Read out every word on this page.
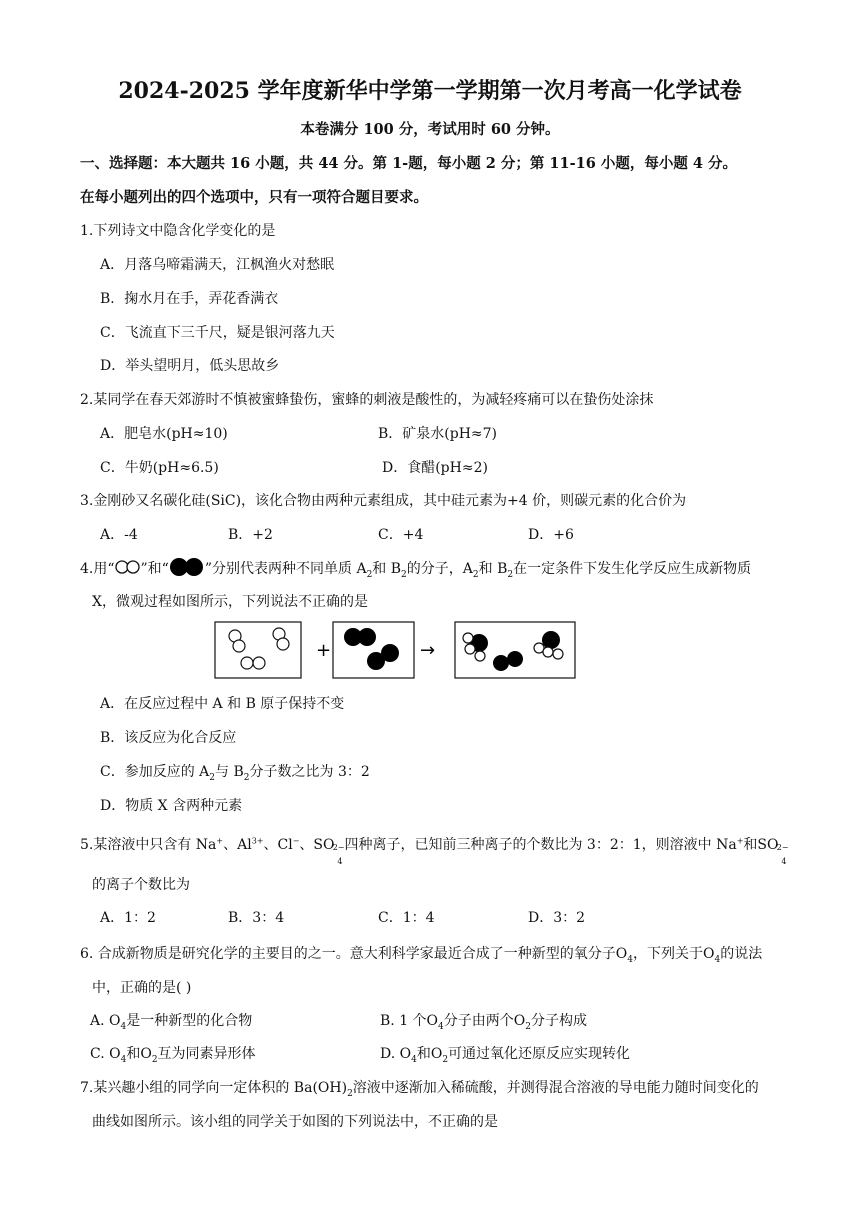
2024-2025 学年度新华中学第一学期第一次月考高一化学试卷
本卷满分 100 分，考试用时 60 分钟。
一、选择题：本大题共 16 小题，共 44 分。第 1-题，每小题 2 分；第 11-16 小题，每小题 4 分。
在每小题列出的四个选项中，只有一项符合题目要求。
1.下列诗文中隐含化学变化的是
A．月落乌啼霜满天，江枫渔火对愁眠
B．掬水月在手，弄花香满衣
C．飞流直下三千尺，疑是银河落九天
D．举头望明月，低头思故乡
2.某同学在春天郊游时不慎被蜜蜂蛰伤，蜜蜂的刺液是酸性的，为减轻疼痛可以在蛰伤处涂抹
A．肥皂水(pH≈10)	B．矿泉水(pH≈7)
C．牛奶(pH≈6.5)	D．食醋(pH≈2)
3.金刚砂又名碳化硅(SiC)，该化合物由两种元素组成，其中硅元素为+4 价，则碳元素的化合价为
A．-4	B．+2	C．+4	D．+6
4.用“ ”和“	”分别代表两种不同单质 $A_2$和 $B_2$的分子，$A_2$和 $B_2$在一定条件下发生化学反应生成新物质
X，微观过程如图所示，下列说法不正确的是
+	→
A．在反应过程中 A 和 B 原子保持不变
B．该反应为化合反应
C．参加反应的 $A_2$与 $B_2$分子数之比为 3：2
D．物质 X 含两种元素
5.某溶液中只含有 Na+、$Al^{3+}$、Cl−、SO
2−
4
四种离子，已知前三种离子的个数比为 3：2：1，则溶液中 Na+和SO
2−
4
的离子个数比为
A．1：2	B．3：4	C．1：4	D．3：2
6. 合成新物质是研究化学的主要目的之一。意大利科学家最近合成了一种新型的氧分子$O_4$，下列关于$O_4$的说法
中，正确的是( )
A. $O_4$是一种新型的化合物	B. 1 个$O_4$分子由两个$O_2$分子构成
C. $O_4$和$O_2$互为同素异形体	D. $O_4$和$O_2$可通过氧化还原反应实现转化
7.某兴趣小组的同学向一定体积的 $Ba(OH)_2$溶液中逐渐加入稀硫酸，并测得混合溶液的导电能力随时间变化的
曲线如图所示。该小组的同学关于如图的下列说法中，不正确的是
